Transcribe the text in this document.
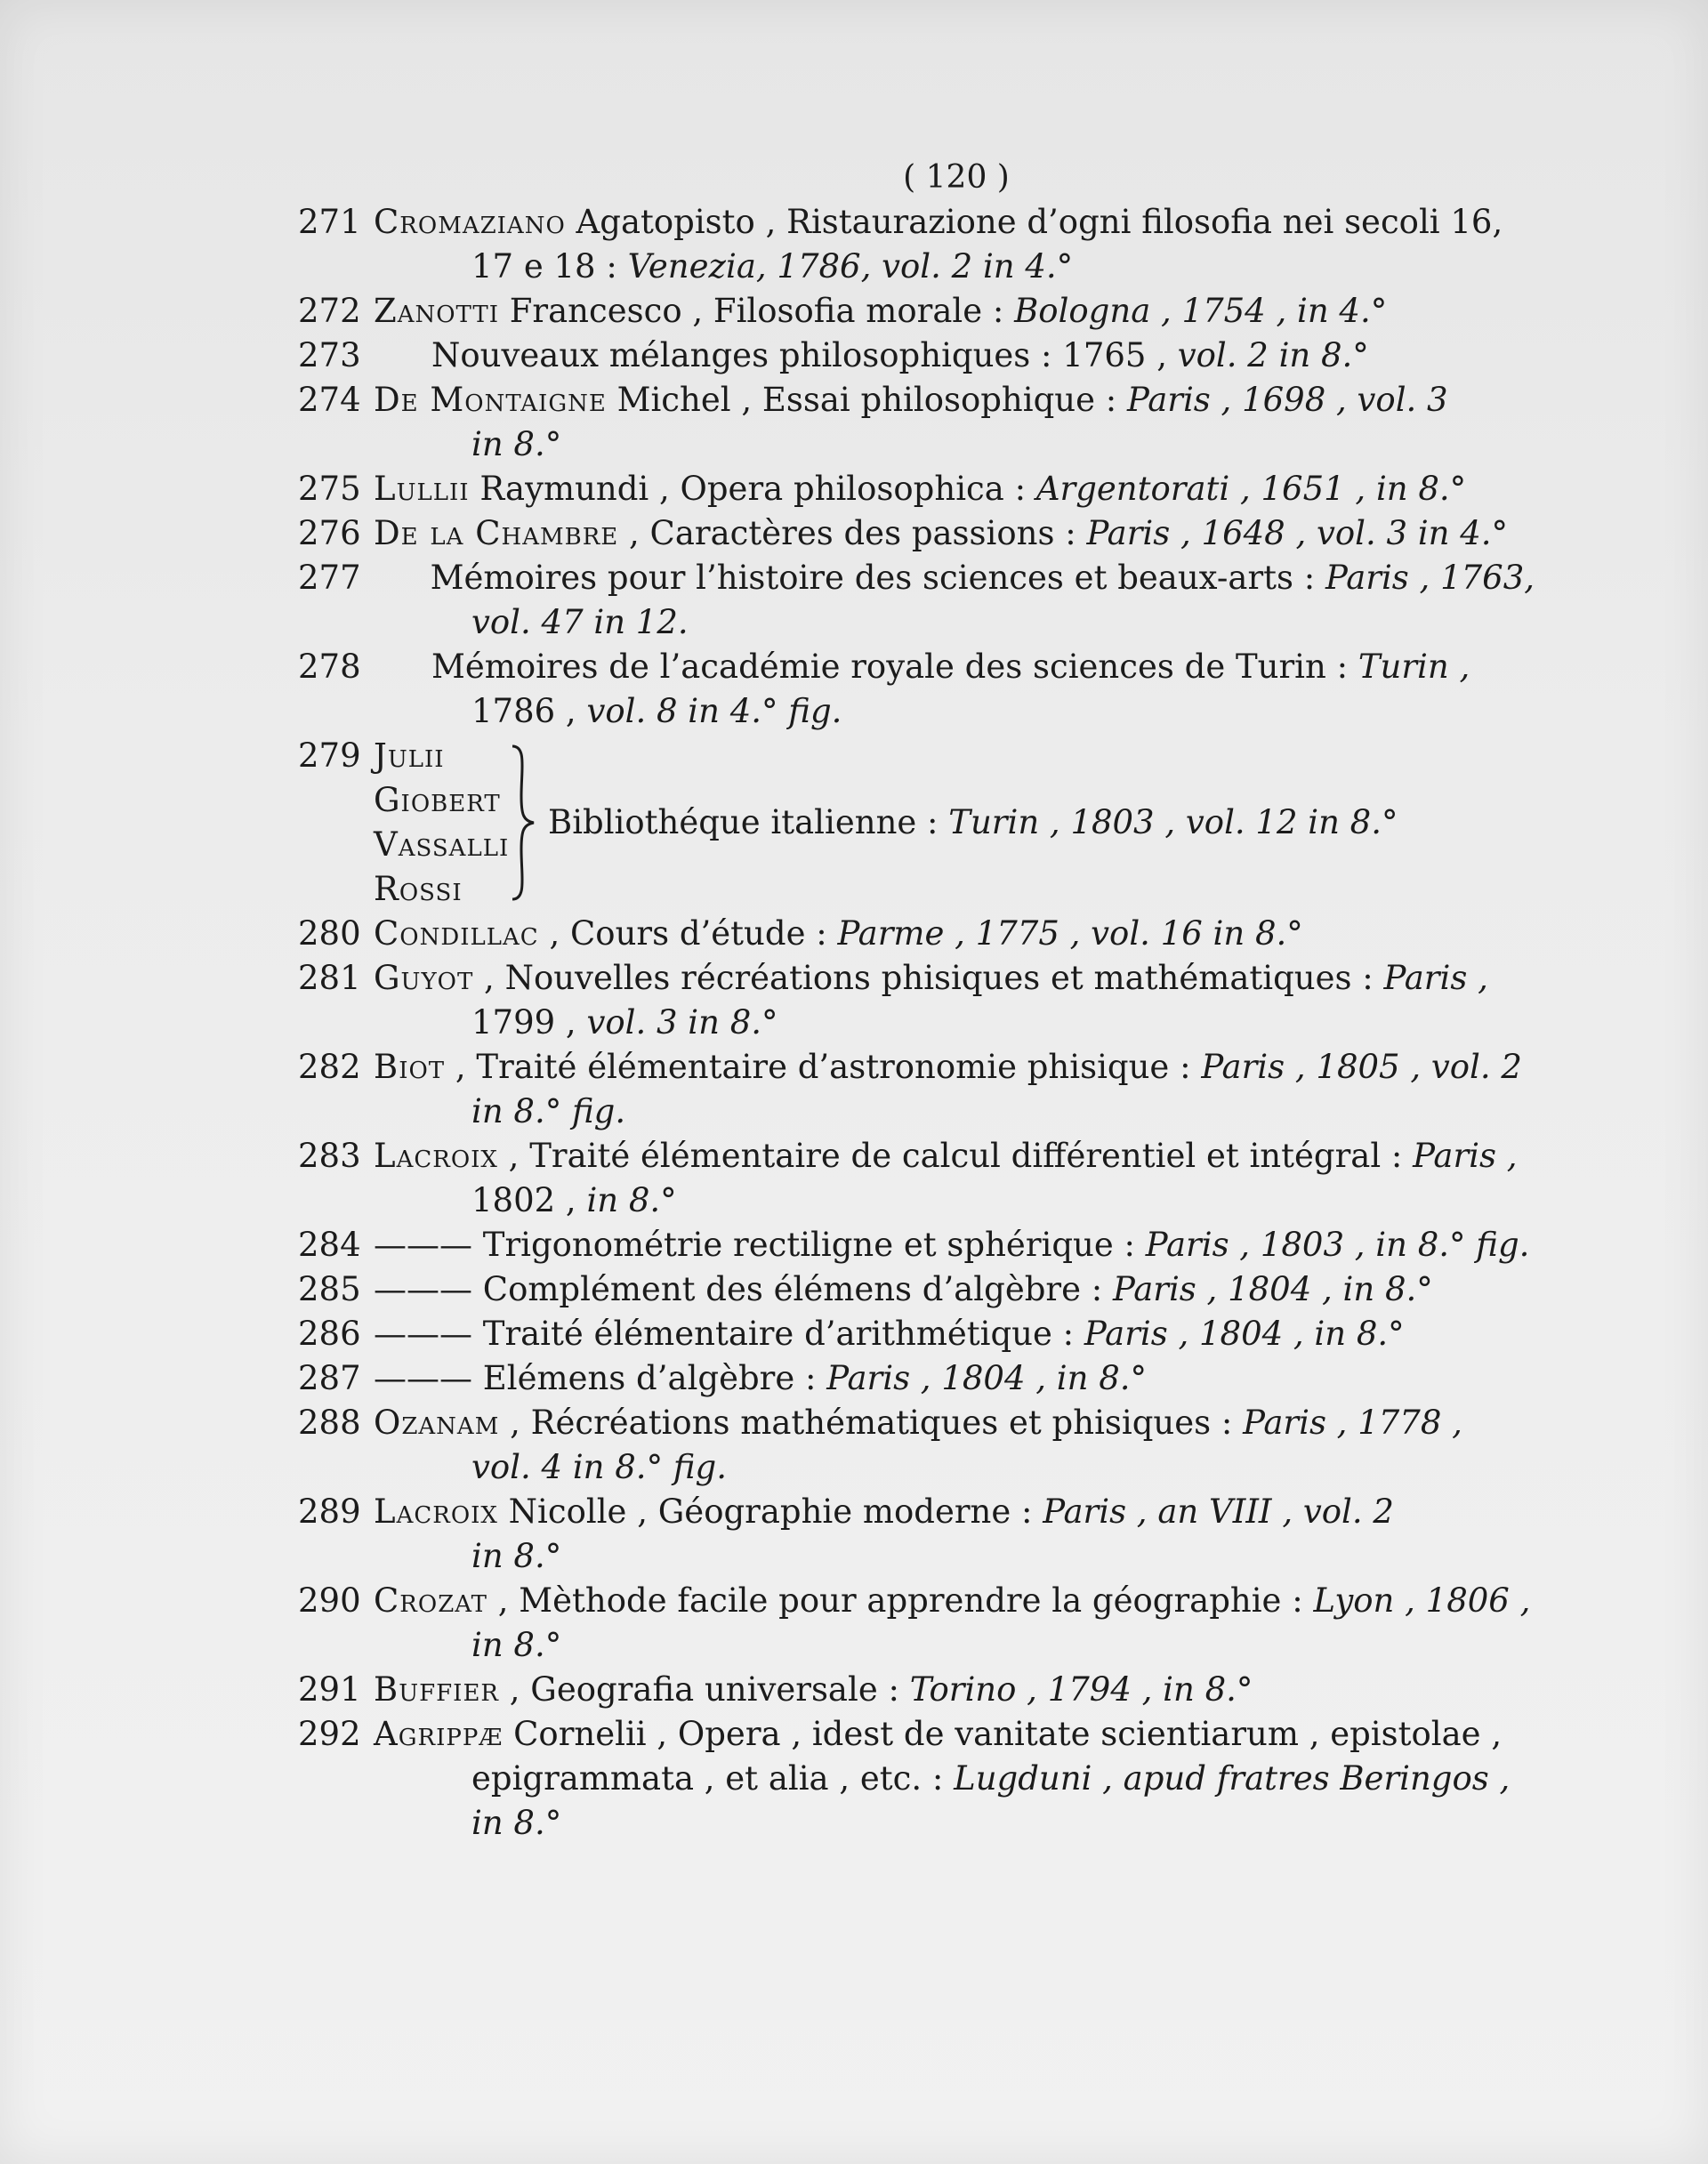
( 120 )
271 Cromaziano Agatopisto , Ristaurazione d’ogni filosofia nei secoli 16,
17 e 18 : Venezia, 1786, vol. 2 in 4.°
272 Zanotti Francesco , Filosofia morale : Bologna , 1754 , in 4.°
273	Nouveaux mélanges philosophiques : 1765 , vol. 2 in 8.°
274 De Montaigne Michel , Essai philosophique : Paris , 1698 , vol. 3
in 8.°
275 Lullii Raymundi , Opera philosophica : Argentorati , 1651 , in 8.°
276 De la Chambre , Caractères des passions : Paris , 1648 , vol. 3 in 4.°
277	Mémoires pour l’histoire des sciences et beaux-arts : Paris , 1763,
vol. 47 in 12.
278	Mémoires de l’académie royale des sciences de Turin : Turin ,
1786 , vol. 8 in 4.° fig.
279 Julii
Giobert
Vassalli
Rossi
Bibliothéque italienne : Turin , 1803 , vol. 12 in 8.°
280 Condillac , Cours d’étude : Parme , 1775 , vol. 16 in 8.°
281 Guyot , Nouvelles récréations phisiques et mathématiques : Paris ,
1799 , vol. 3 in 8.°
282 Biot , Traité élémentaire d’astronomie phisique : Paris , 1805 , vol. 2
in 8.° fig.
283 Lacroix , Traité élémentaire de calcul différentiel et intégral : Paris ,
1802 , in 8.°
284 ——— Trigonométrie rectiligne et sphérique : Paris , 1803 , in 8.° fig.
285 ——— Complément des élémens d’algèbre : Paris , 1804 , in 8.°
286 ——— Traité élémentaire d’arithmétique : Paris , 1804 , in 8.°
287 ——— Elémens d’algèbre : Paris , 1804 , in 8.°
288 Ozanam , Récréations mathématiques et phisiques : Paris , 1778 ,
vol. 4 in 8.° fig.
289 Lacroix Nicolle , Géographie moderne : Paris , an VIII , vol. 2
in 8.°
290 Crozat , Mèthode facile pour apprendre la géographie : Lyon , 1806 ,
in 8.°
291 Buffier , Geografia universale : Torino , 1794 , in 8.°
292 Agrippæ Cornelii , Opera , idest de vanitate scientiarum , epistolae ,
epigrammata , et alia , etc. : Lugduni , apud fratres Beringos ,
in 8.°
